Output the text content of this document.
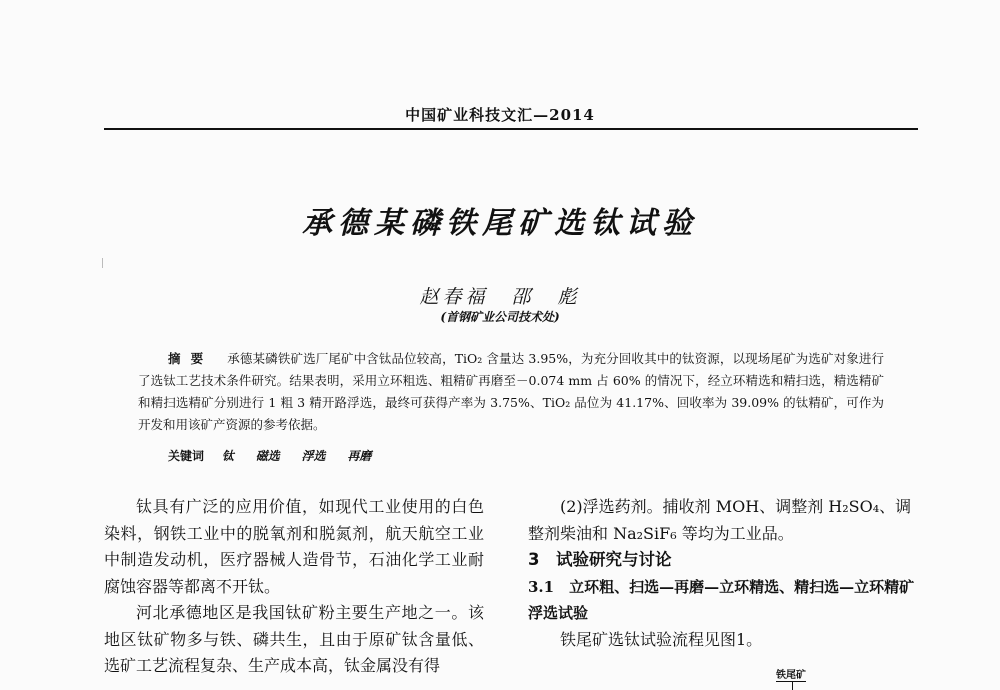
中国矿业科技文汇—2014
承德某磷铁尾矿选钛试验
赵春福　邵　彪
(首钢矿业公司技术处)
摘要 承德某磷铁矿选厂尾矿中含钛品位较高，TiO₂ 含量达 3.95%，为充分回收其中的钛资源，以现场尾矿为选矿对象进行了选钛工艺技术条件研究。结果表明，采用立环粗选、粗精矿再磨至－0.074 mm 占 60% 的情况下，经立环精选和精扫选，精选精矿和精扫选精矿分别进行 1 粗 3 精开路浮选，最终可获得产率为 3.75%、TiO₂ 品位为 41.17%、回收率为 39.09% 的钛精矿，可作为开发和用该矿产资源的参考依据。
关键词 钛 磁选 浮选 再磨

钛具有广泛的应用价值，如现代工业使用的白色染料，钢铁工业中的脱氧剂和脱氮剂，航天航空工业中制造发动机，医疗器械人造骨节，石油化学工业耐腐蚀容器等都离不开钛。

河北承德地区是我国钛矿粉主要生产地之一。该地区钛矿物多与铁、磷共生，且由于原矿钛含量低、选矿工艺流程复杂、生产成本高，钛金属没有得

(2)浮选药剂。捕收剂 MOH、调整剂 H₂SO₄、调整剂柴油和 Na₂SiF₆ 等均为工业品。

3　试验研究与讨论

3.1　立环粗、扫选—再磨—立环精选、精扫选—立环精矿浮选试验

铁尾矿选钛试验流程见图1。

铁尾矿
